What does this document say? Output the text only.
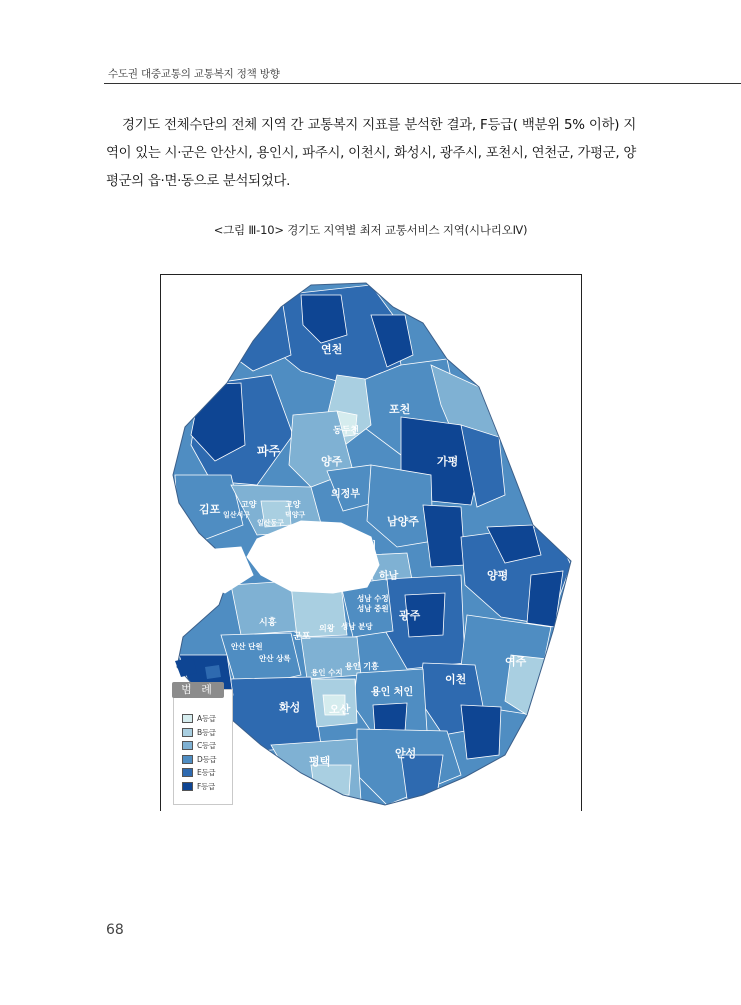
수도권 대중교통의 교통복지 정책 방향

경기도 전체수단의 전체 지역 간 교통복지 지표를 분석한 결과, F등급( 백분위 5% 이하) 지역이 있는 시·군은 안산시, 용인시, 파주시, 이천시, 화성시, 광주시, 포천시, 연천군, 가평군, 양평군의 읍·면·동으로 분석되었다.

<그림 Ⅲ-10> 경기도 지역별 최저 교통서비스 지역(시나리오Ⅳ)
연천
포천
동두천
파주
양주	가평
의정부
김포	고양	고양
일산서구
일산동구
덕양구	남양주
구리
하남	양평
성남 수정
성남 중원
성남 분당
광주
시흥
군포
의왕
안산 단원
안산 상록
용인 수지
용인 기흥	여주
이천
용인 처인
화성	오산
안성
평택
범 례
A등급
B등급
C등급
D등급
E등급
F등급
68
